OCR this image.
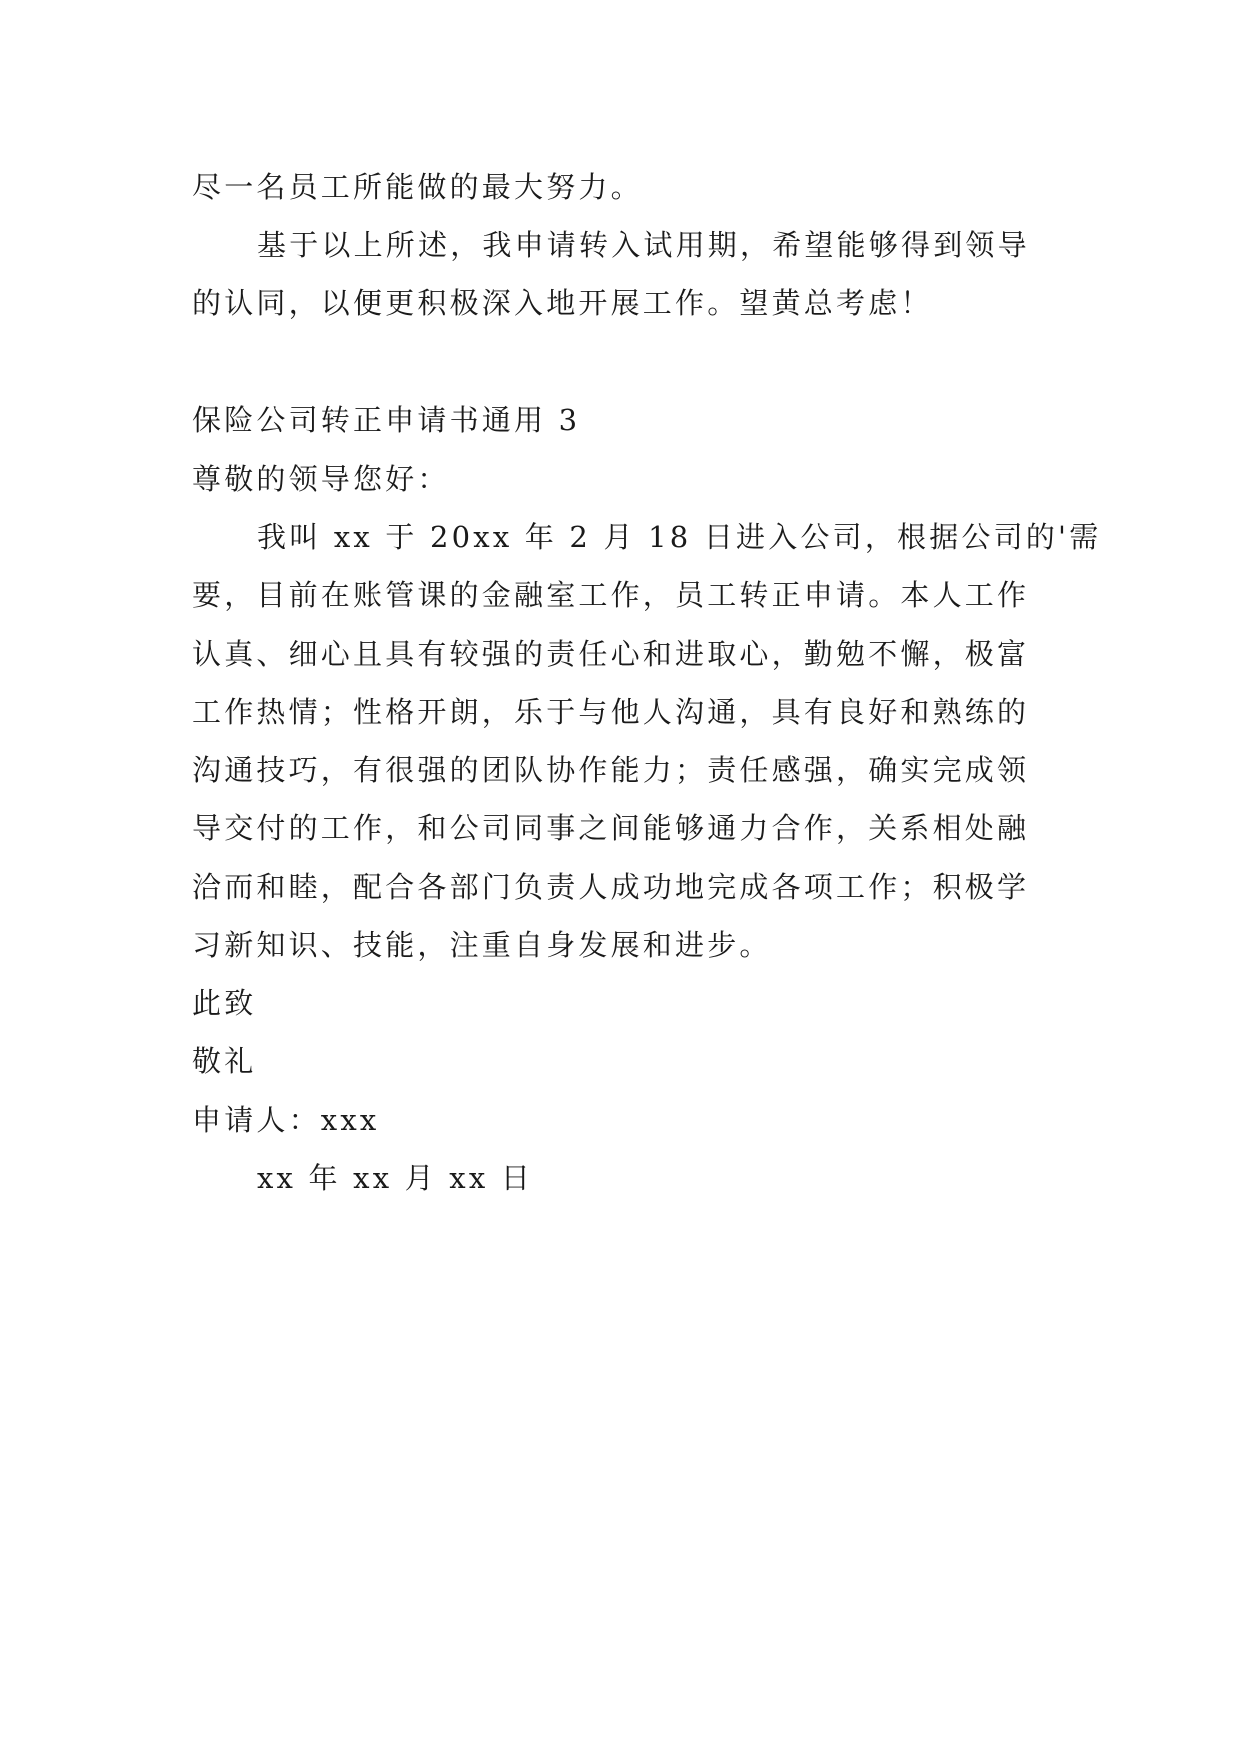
尽一名员工所能做的最大努力。
基于以上所述，我申请转入试用期，希望能够得到领导
的认同，以便更积极深入地开展工作。望黄总考虑！
保险公司转正申请书通用 3
尊敬的领导您好：
我叫 xx 于 20xx 年 2 月 18 日进入公司，根据公司的'需
要，目前在账管课的金融室工作，员工转正申请。本人工作
认真、细心且具有较强的责任心和进取心，勤勉不懈，极富
工作热情；性格开朗，乐于与他人沟通，具有良好和熟练的
沟通技巧，有很强的团队协作能力；责任感强，确实完成领
导交付的工作，和公司同事之间能够通力合作，关系相处融
洽而和睦，配合各部门负责人成功地完成各项工作；积极学
习新知识、技能，注重自身发展和进步。
此致
敬礼
申请人：xxx
xx 年 xx 月 xx 日
